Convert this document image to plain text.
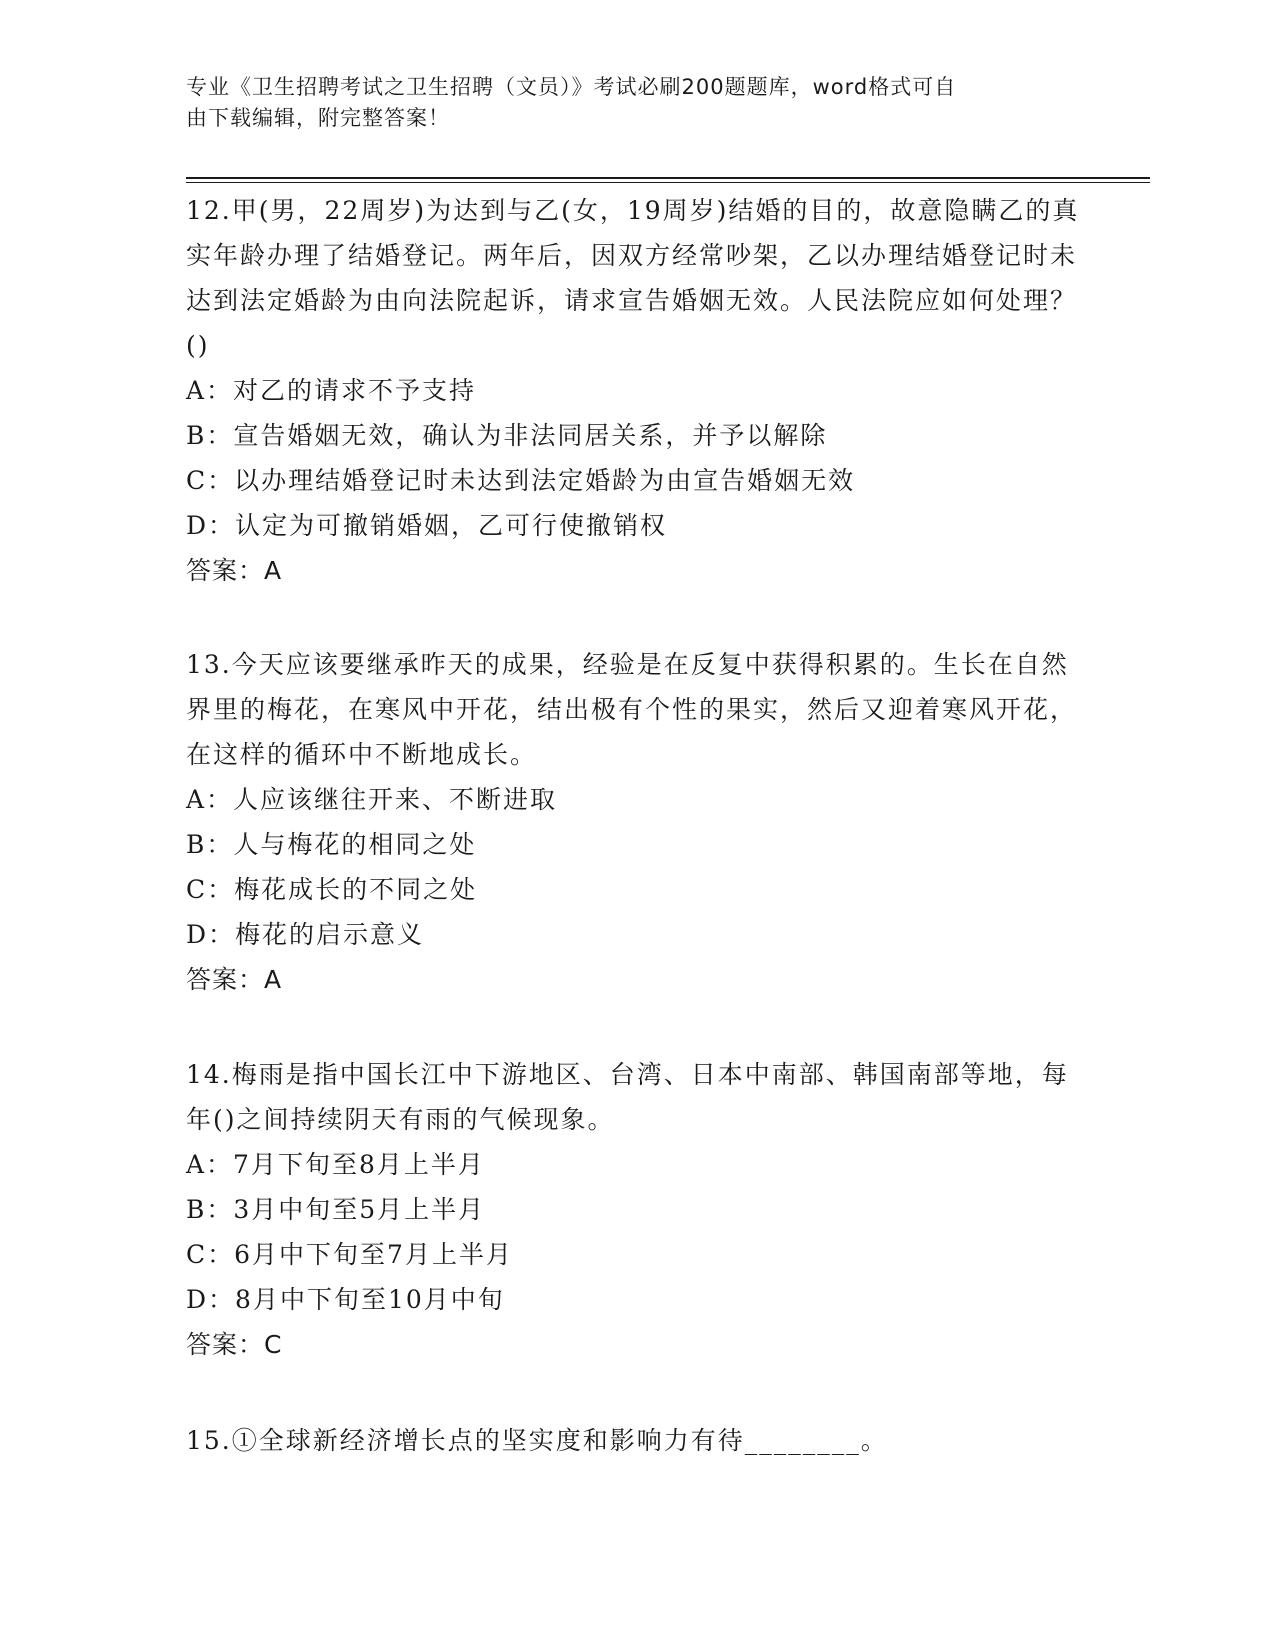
专业《卫生招聘考试之卫生招聘（文员）》考试必刷200题题库，word格式可自
由下载编辑，附完整答案！

12.甲(男，22周岁)为达到与乙(女，19周岁)结婚的目的，故意隐瞒乙的真实年龄办理了结婚登记。两年后，因双方经常吵架，乙以办理结婚登记时未达到法定婚龄为由向法院起诉，请求宣告婚姻无效。人民法院应如何处理？()

A：对乙的请求不予支持

B：宣告婚姻无效，确认为非法同居关系，并予以解除

C：以办理结婚登记时未达到法定婚龄为由宣告婚姻无效

D：认定为可撤销婚姻，乙可行使撤销权

答案：A

13.今天应该要继承昨天的成果，经验是在反复中获得积累的。生长在自然界里的梅花，在寒风中开花，结出极有个性的果实，然后又迎着寒风开花，在这样的循环中不断地成长。

A：人应该继往开来、不断进取

B：人与梅花的相同之处

C：梅花成长的不同之处

D：梅花的启示意义

答案：A

14.梅雨是指中国长江中下游地区、台湾、日本中南部、韩国南部等地，每年()之间持续阴天有雨的气候现象。

A：7月下旬至8月上半月

B：3月中旬至5月上半月

C：6月中下旬至7月上半月

D：8月中下旬至10月中旬

答案：C

15.①全球新经济增长点的坚实度和影响力有待________。
